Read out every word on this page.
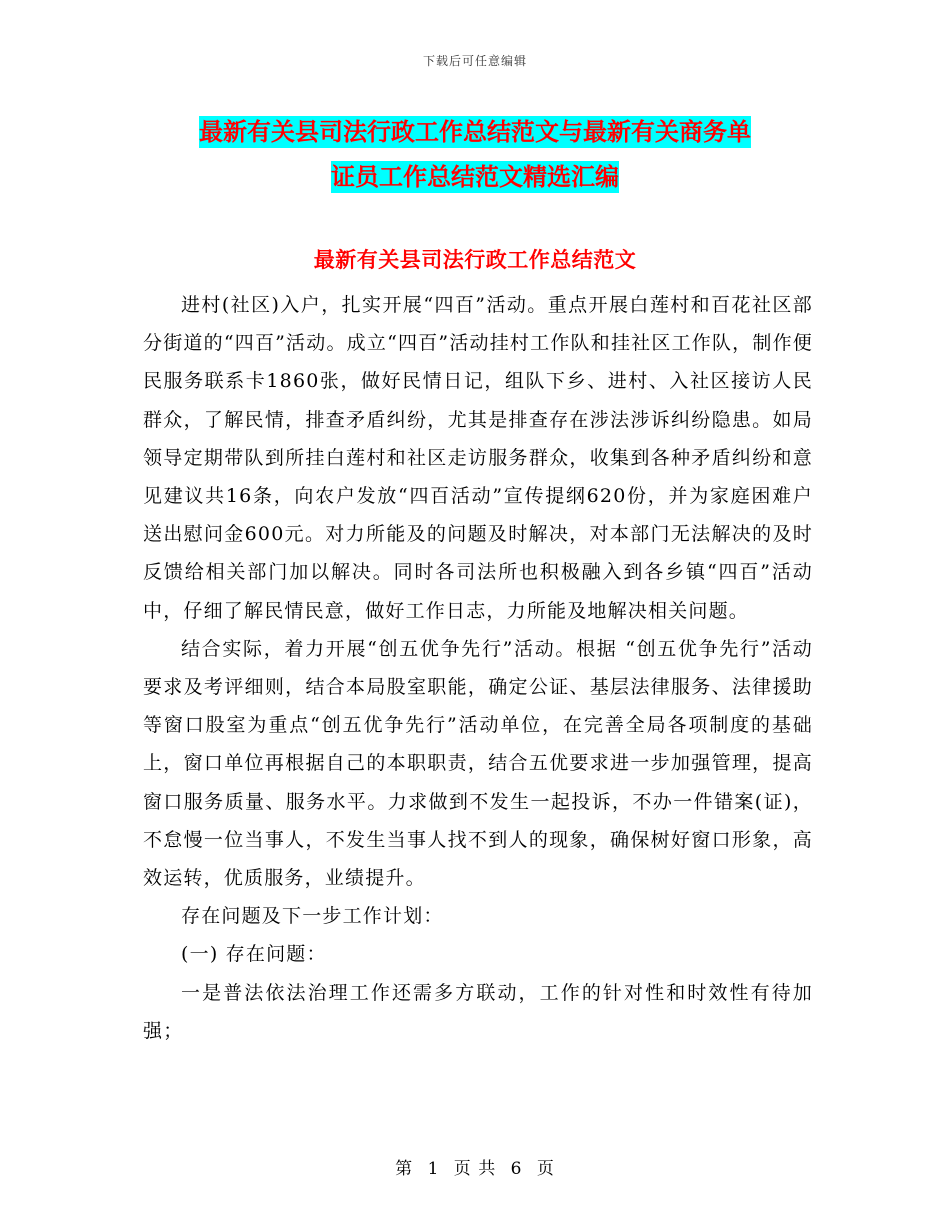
下载后可任意编辑
最新有关县司法行政工作总结范文与最新有关商务单
证员工作总结范文精选汇编
最新有关县司法行政工作总结范文

进村(社区)入户，扎实开展“四百”活动。重点开展白莲村和百花社区部分街道的“四百”活动。成立“四百”活动挂村工作队和挂社区工作队，制作便民服务联系卡1860张，做好民情日记，组队下乡、进村、入社区接访人民群众，了解民情，排查矛盾纠纷，尤其是排查存在涉法涉诉纠纷隐患。如局领导定期带队到所挂白莲村和社区走访服务群众，收集到各种矛盾纠纷和意见建议共16条，向农户发放“四百活动”宣传提纲620份，并为家庭困难户送出慰问金600元。对力所能及的问题及时解决，对本部门无法解决的及时反馈给相关部门加以解决。同时各司法所也积极融入到各乡镇“四百”活动中，仔细了解民情民意，做好工作日志，力所能及地解决相关问题。

结合实际，着力开展“创五优争先行”活动。根据 “创五优争先行”活动要求及考评细则，结合本局股室职能，确定公证、基层法律服务、法律援助等窗口股室为重点“创五优争先行”活动单位，在完善全局各项制度的基础上，窗口单位再根据自己的本职职责，结合五优要求进一步加强管理，提高窗口服务质量、服务水平。力求做到不发生一起投诉，不办一件错案(证)，不怠慢一位当事人，不发生当事人找不到人的现象，确保树好窗口形象，高效运转，优质服务，业绩提升。

存在问题及下一步工作计划：

(一) 存在问题：

一是普法依法治理工作还需多方联动，工作的针对性和时效性有待加强；

第 1 页 共 6 页
